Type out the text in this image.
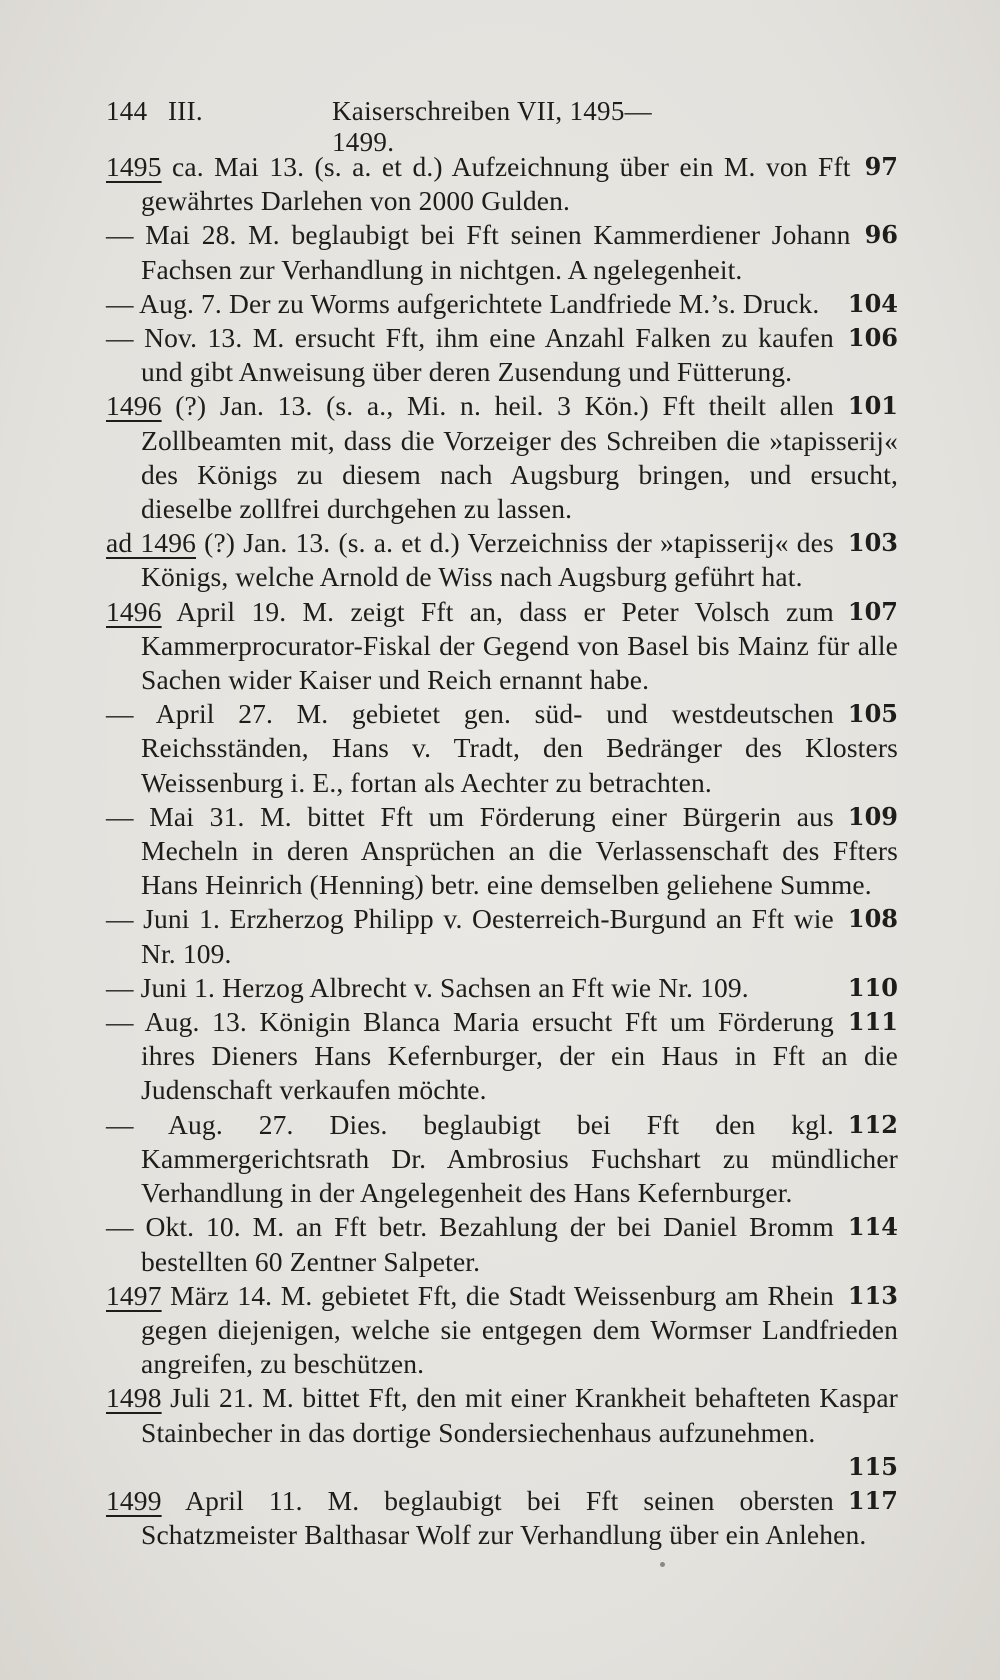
144 III.	Kaiserschreiben VII, 1495—1499.
97
1495 ca. Mai 13. (s. a. et d.) Aufzeichnung über ein M. von Fft gewährtes Darlehen von 2000 Gulden.
96
— Mai 28. M. beglaubigt bei Fft seinen Kammerdiener Johann Fachsen zur Verhandlung in nichtgen. A ngelegenheit.
104
— Aug. 7. Der zu Worms aufgerichtete Landfriede M.’s. Druck.
106
— Nov. 13. M. ersucht Fft, ihm eine Anzahl Falken zu kaufen und gibt Anweisung über deren Zusendung und Fütterung.
101
1496 (?) Jan. 13. (s. a., Mi. n. heil. 3 Kön.) Fft theilt allen Zollbeamten mit, dass die Vorzeiger des Schreiben die »tapisserij« des Königs zu diesem nach Augsburg bringen, und ersucht, dieselbe zollfrei durchgehen zu lassen.
103
ad 1496 (?) Jan. 13. (s. a. et d.) Verzeichniss der »tapisserij« des Königs, welche Arnold de Wiss nach Augsburg geführt hat.
107
1496 April 19. M. zeigt Fft an, dass er Peter Volsch zum Kammerprocurator-Fiskal der Gegend von Basel bis Mainz für alle Sachen wider Kaiser und Reich ernannt habe.
105
— April 27. M. gebietet gen. süd- und westdeutschen Reichsständen, Hans v. Tradt, den Bedränger des Klosters Weissenburg i. E., fortan als Aechter zu betrachten.
109
— Mai 31. M. bittet Fft um Förderung einer Bürgerin aus Mecheln in deren Ansprüchen an die Verlassenschaft des Ffters Hans Heinrich (Henning) betr. eine demselben geliehene Summe.
108
— Juni 1. Erzherzog Philipp v. Oesterreich-Burgund an Fft wie Nr. 109.
110
— Juni 1. Herzog Albrecht v. Sachsen an Fft wie Nr. 109.
111
— Aug. 13. Königin Blanca Maria ersucht Fft um Förderung ihres Dieners Hans Kefernburger, der ein Haus in Fft an die Judenschaft verkaufen möchte.
112
— Aug. 27. Dies. beglaubigt bei Fft den kgl. Kammergerichtsrath Dr. Ambrosius Fuchshart zu mündlicher Verhandlung in der Angelegenheit des Hans Kefernburger.
114
— Okt. 10. M. an Fft betr. Bezahlung der bei Daniel Bromm bestellten 60 Zentner Salpeter.
113
1497 März 14. M. gebietet Fft, die Stadt Weissenburg am Rhein gegen diejenigen, welche sie entgegen dem Wormser Landfrieden angreifen, zu beschützen.
1498 Juli 21. M. bittet Fft, den mit einer Krankheit behafteten Kaspar Stainbecher in das dortige Sondersiechenhaus aufzunehmen.
115
117
1499 April 11. M. beglaubigt bei Fft seinen obersten Schatzmeister Balthasar Wolf zur Verhandlung über ein Anlehen.
